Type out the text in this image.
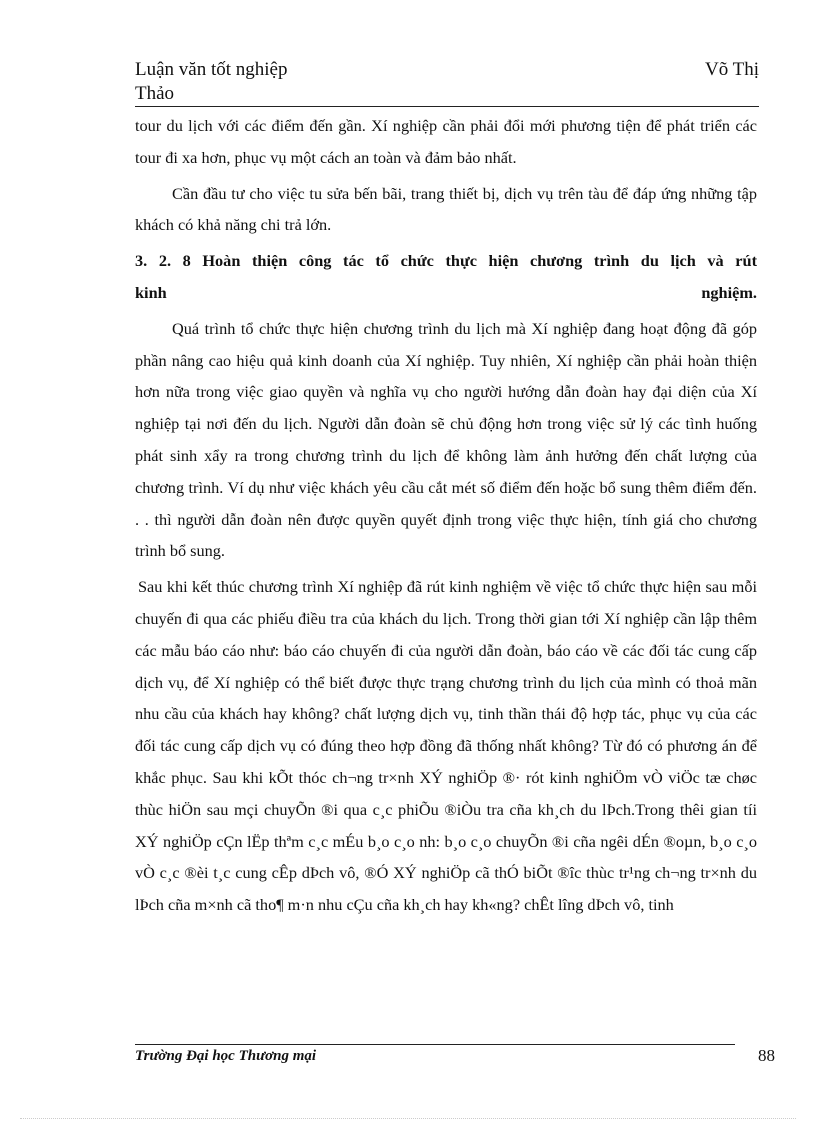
Luận văn tốt nghiệp	Võ Thị
Thảo

tour du lịch với các điểm đến gần. Xí nghiệp cần phải đổi mới phương tiện để phát triển các tour đi xa hơn, phục vụ một cách an toàn và đảm bảo nhất.

Cần đầu tư cho việc tu sửa bến bãi, trang thiết bị, dịch vụ trên tàu để đáp ứng những tập khách có khả năng chi trả lớn.

3. 2. 8 Hoàn thiện công tác tổ chức thực hiện chương trình du lịch và rút
kinh	nghiệm.

Quá trình tổ chức thực hiện chương trình du lịch mà Xí nghiệp đang hoạt động đã góp phần nâng cao hiệu quả kinh doanh của Xí nghiệp. Tuy nhiên, Xí nghiệp cần phải hoàn thiện hơn nữa trong việc giao quyền và nghĩa vụ cho người hướng dẫn đoàn hay đại diện của Xí nghiệp tại nơi đến du lịch. Người dẫn đoàn sẽ chủ động hơn trong việc sử lý các tình huống phát sinh xẩy ra trong chương trình du lịch để không làm ảnh hưởng đến chất lượng của chương trình. Ví dụ như việc khách yêu cầu cắt mét số điểm đến hoặc bổ sung thêm điểm đến. . . thì người dẫn đoàn nên được quyền quyết định trong việc thực hiện, tính giá cho chương trình bổ sung.

Sau khi kết thúc chương trình Xí nghiệp đã rút kinh nghiệm về việc tổ chức thực hiện sau mỗi chuyến đi qua các phiếu điều tra của khách du lịch. Trong thời gian tới Xí nghiệp cần lập thêm các mẫu báo cáo như: báo cáo chuyến đi của người dẫn đoàn, báo cáo về các đối tác cung cấp dịch vụ, để Xí nghiệp có thể biết được thực trạng chương trình du lịch của mình có thoả mãn nhu cầu của khách hay không? chất lượng dịch vụ, tinh thần thái độ hợp tác, phục vụ của các đối tác cung cấp dịch vụ có đúng theo hợp đồng đã thống nhất không? Từ đó có phương án để khắc phục. Sau khi kÕt thóc ch¬ng tr×nh XÝ nghiÖp ®· rót kinh nghiÖm vÒ viÖc tæ chøc thùc hiÖn sau mçi chuyÕn ®i qua c¸c phiÕu ®iÒu tra cña kh¸ch du lÞch.Trong thêi gian tíi XÝ nghiÖp cÇn lËp thªm c¸c mÉu b¸o c¸o nh: b¸o c¸o chuyÕn ®i cña ngêi dÉn ®oµn, b¸o c¸o vÒ c¸c ®èi t¸c cung cÊp dÞch vô, ®Ó XÝ nghiÖp cã thÓ biÕt ®îc thùc tr¹ng ch¬ng tr×nh du lÞch cña m×nh cã tho¶ m·n nhu cÇu cña kh¸ch hay kh«ng? chÊt lîng dÞch vô, tinh

Trường Đại học Thương mại	88
